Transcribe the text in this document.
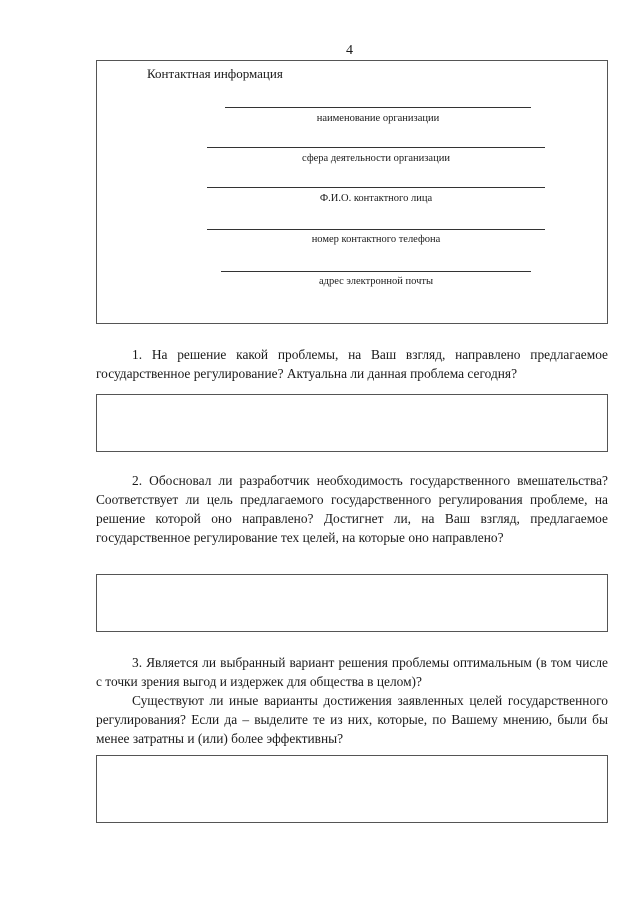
4
Контактная информация
наименование организации
сфера деятельности организации
Ф.И.О. контактного лица
номер контактного телефона
адрес электронной почты

1. На решение какой проблемы, на Ваш взгляд, направлено предлагаемое государственное регулирование? Актуальна ли данная проблема сегодня?

2. Обосновал ли разработчик необходимость государственного вмешательства? Соответствует ли цель предлагаемого государственного регулирования проблеме, на решение которой оно направлено? Достигнет ли, на Ваш взгляд, предлагаемое государственное регулирование тех целей, на которые оно направлено?

3. Является ли выбранный вариант решения проблемы оптимальным (в том числе с точки зрения выгод и издержек для общества в целом)?

Существуют ли иные варианты достижения заявленных целей государственного регулирования? Если да – выделите те из них, которые, по Вашему мнению, были бы менее затратны и (или) более эффективны?
